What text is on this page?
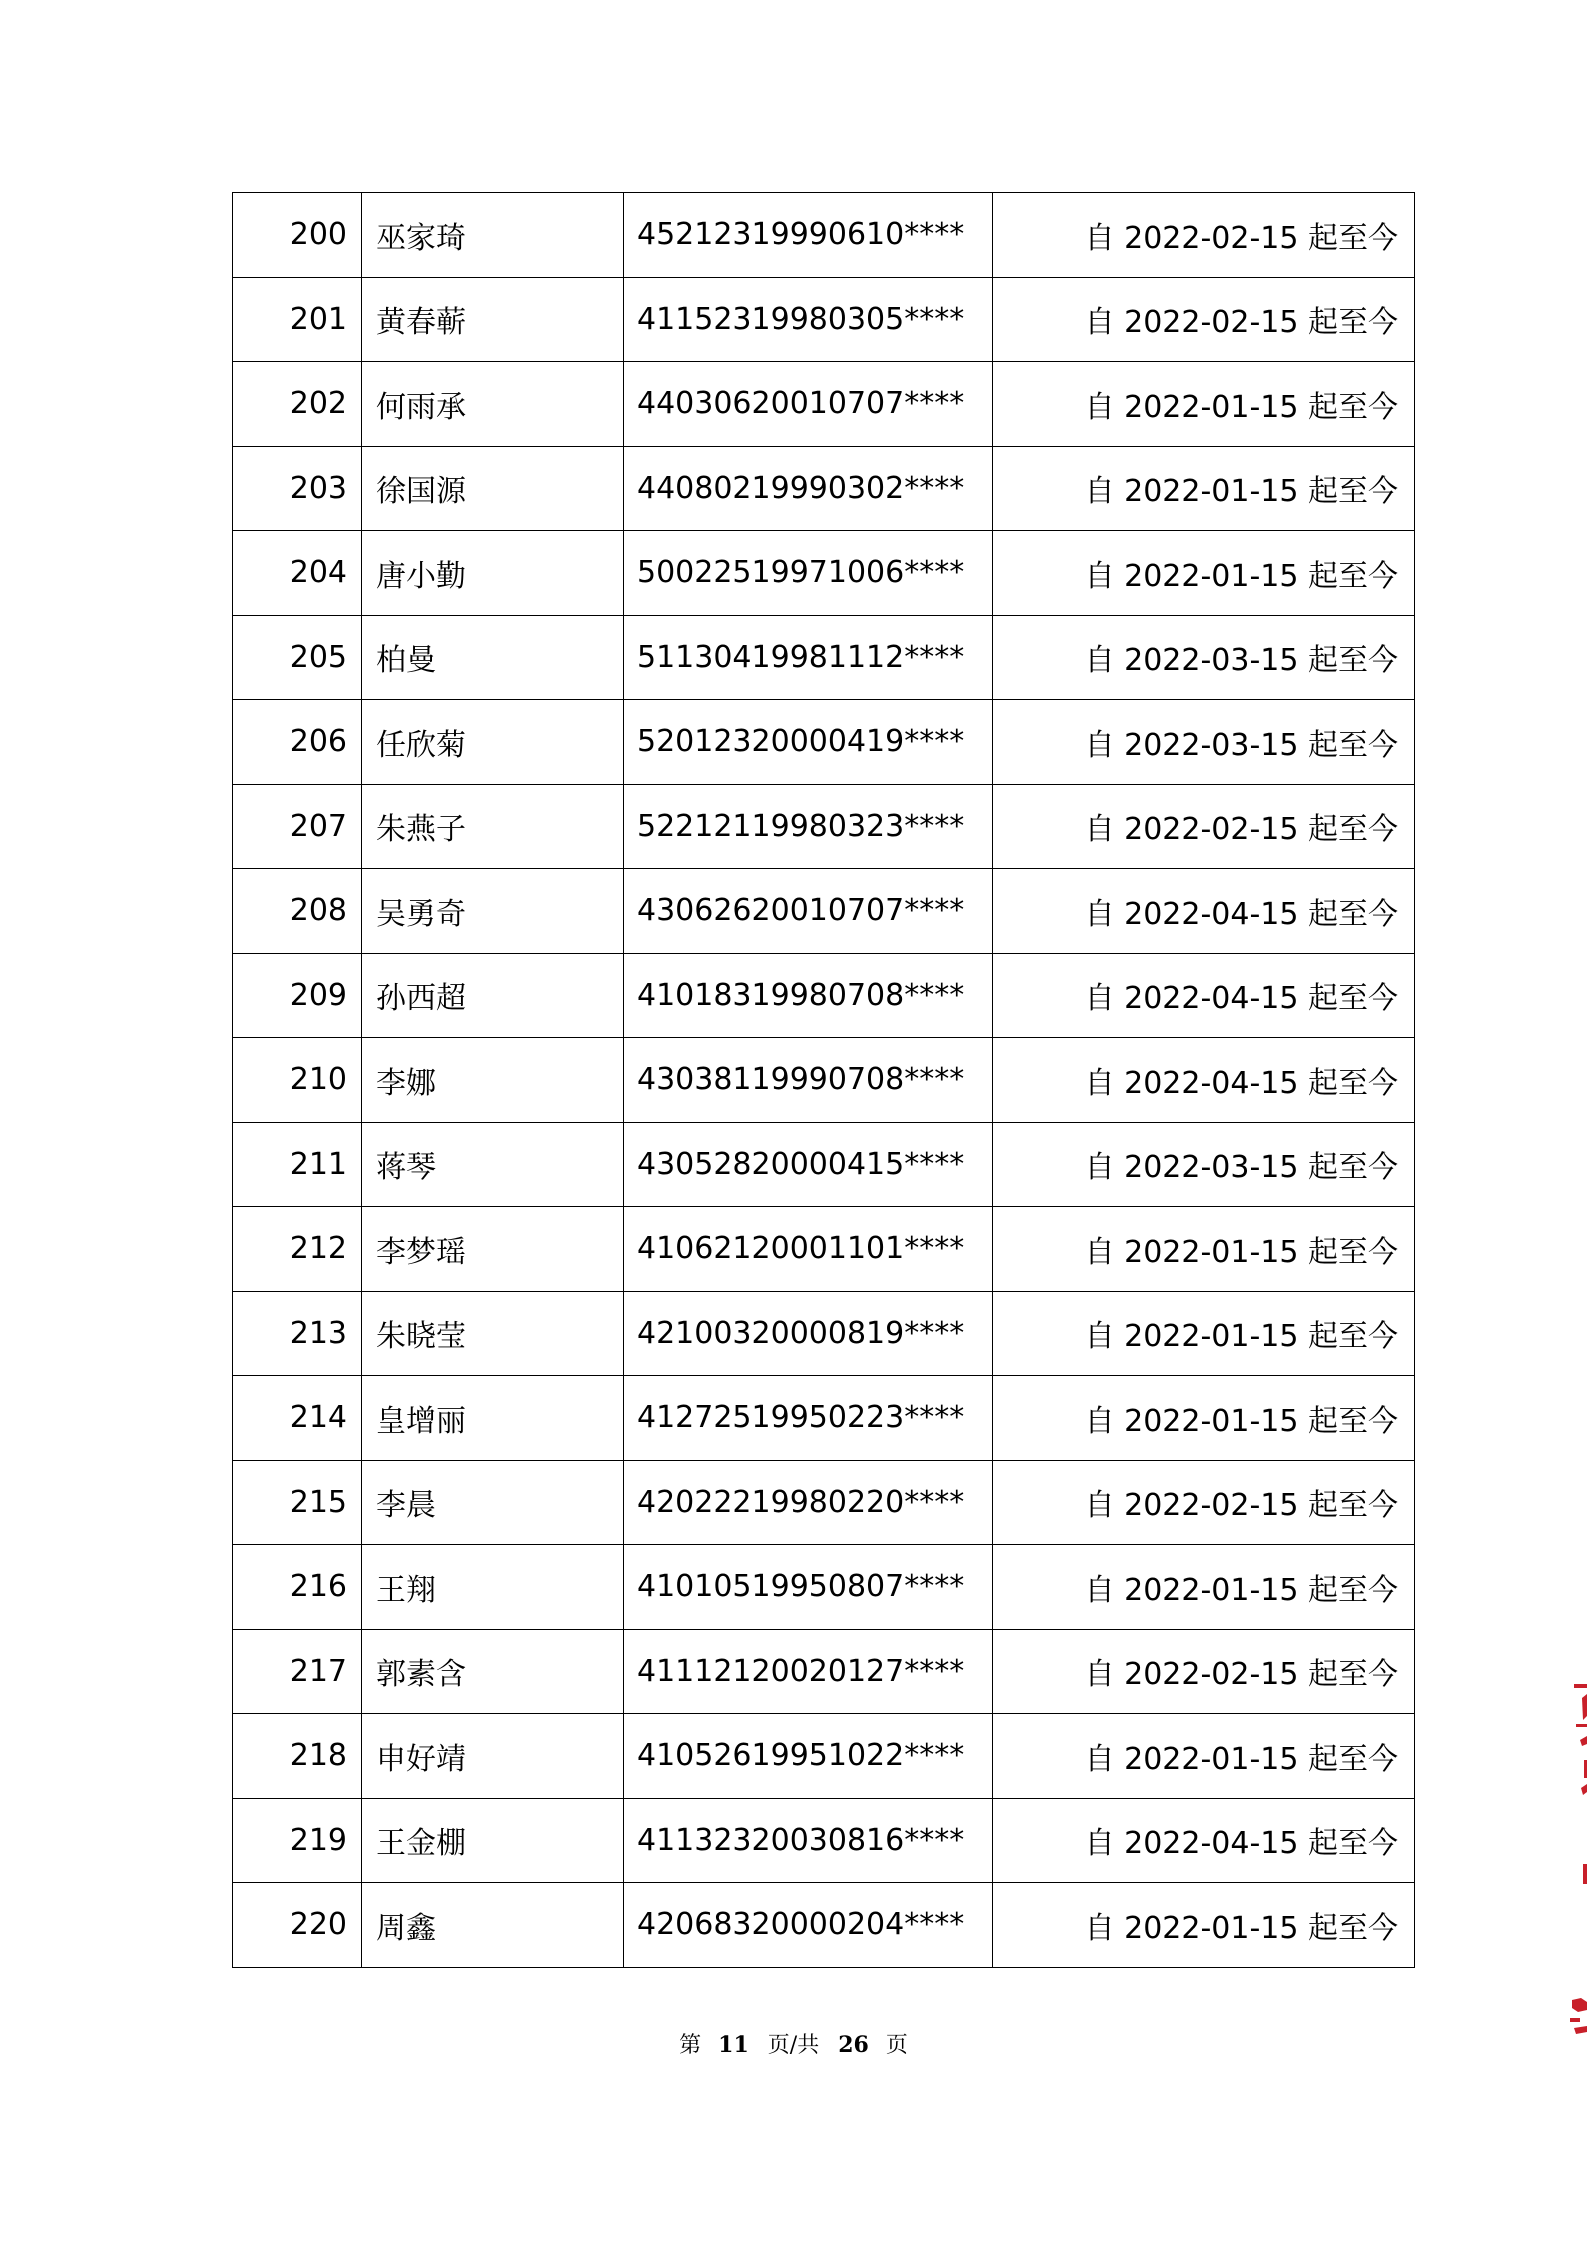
200	巫家琦	45212319990610****	自 2022-02-15 起至今
201	黄春蕲	41152319980305****	自 2022-02-15 起至今
202	何雨承	44030620010707****	自 2022-01-15 起至今
203	徐国源	44080219990302****	自 2022-01-15 起至今
204	唐小勤	50022519971006****	自 2022-01-15 起至今
205	柏曼	51130419981112****	自 2022-03-15 起至今
206	任欣菊	52012320000419****	自 2022-03-15 起至今
207	朱燕子	52212119980323****	自 2022-02-15 起至今
208	吴勇奇	43062620010707****	自 2022-04-15 起至今
209	孙西超	41018319980708****	自 2022-04-15 起至今
210	李娜	43038119990708****	自 2022-04-15 起至今
211	蒋琴	43052820000415****	自 2022-03-15 起至今
212	李梦瑶	41062120001101****	自 2022-01-15 起至今
213	朱晓莹	42100320000819****	自 2022-01-15 起至今
214	皇增丽	41272519950223****	自 2022-01-15 起至今
215	李晨	42022219980220****	自 2022-02-15 起至今
216	王翔	41010519950807****	自 2022-01-15 起至今
217	郭素含	41112120020127****	自 2022-02-15 起至今
218	申好靖	41052619951022****	自 2022-01-15 起至今
219	王金棚	41132320030816****	自 2022-04-15 起至今
220	周鑫	42068320000204****	自 2022-01-15 起至今
第 11 页/共 26 页
